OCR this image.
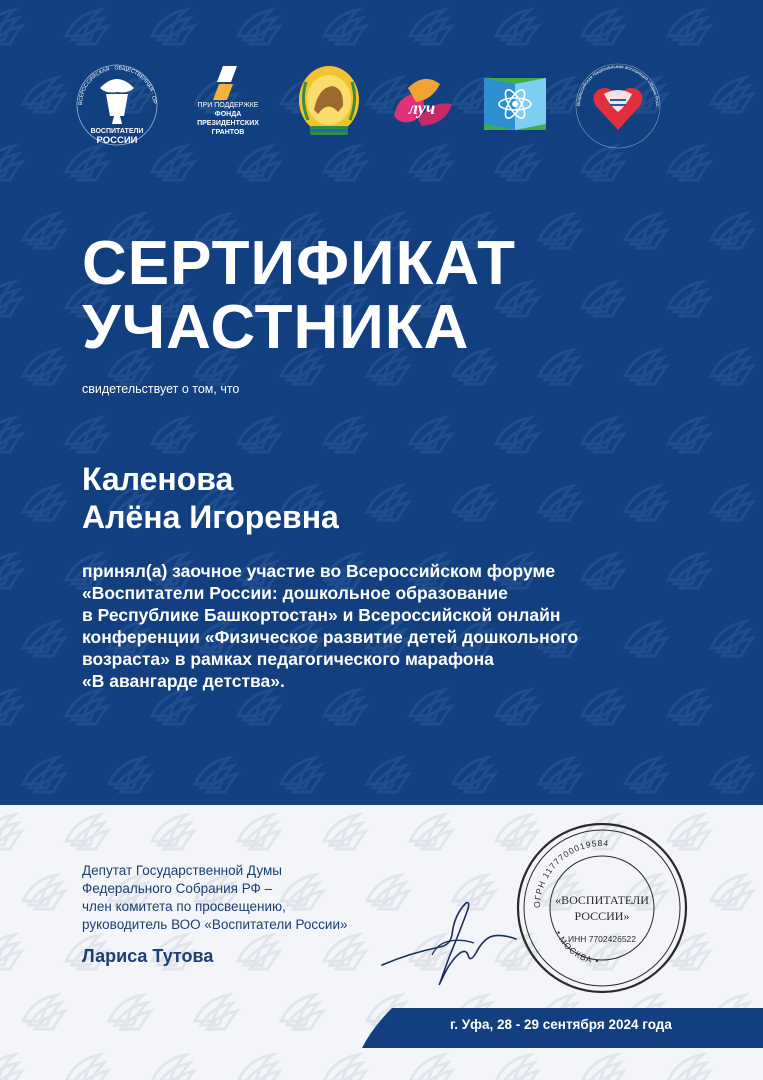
ВСЕРОССИЙСКАЯ · ОБЩЕСТВЕННАЯ · ОР
ВОСПИТАТЕЛИ
РОССИИ
ПРИ ПОДДЕРЖКЕ
ФОНДА
ПРЕЗИДЕНТСКИХ
ГРАНТОВ
луч	Всероссийская Национальная ассоциация «Мамы Росс
СЕРТИФИКАТ
УЧАСТНИКА
свидетельствует о том, что
Каленова
Алёна Игоревна
принял(а) заочное участие во Всероссийском форуме
«Воспитатели России: дошкольное образование
в Республике Башкортостан» и Всероссийской онлайн
конференции «Физическое развитие детей дошкольного
возраста» в рамках педагогического марафона
«В авангарде детства».
Депутат Государственной Думы
Федерального Собрания РФ –
член комитета по просвещению,
руководитель ВОО «Воспитатели России»
Лариса Тутова
ОГРН 1177700019584
• МОСКВА •
«ВОСПИТАТЕЛИ
РОССИИ»
ИНН 7702426522
г. Уфа, 28 - 29 сентября 2024 года
